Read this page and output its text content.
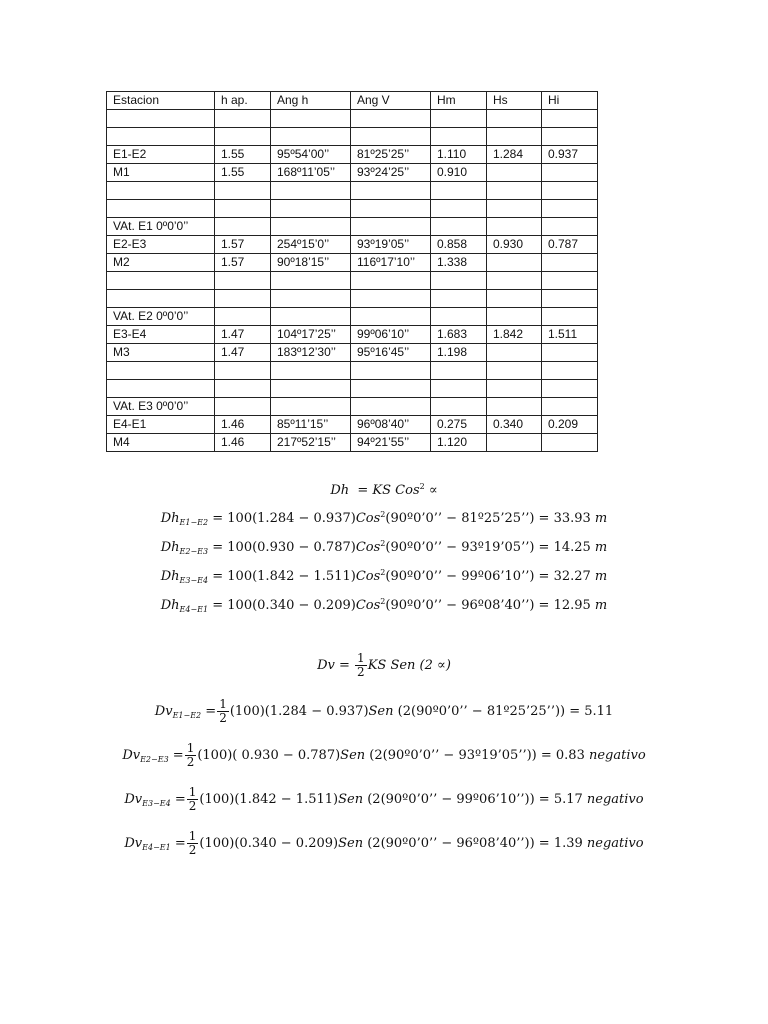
Estacion	h ap.	Ang h	Ang V	Hm	Hs	Hi

E1-E2	1.55	95º54’00’’	81º25’25’’	1.110	1.284	0.937
M1	1.55	168º11’05’’	93º24’25’’	0.910		

VAt. E1 0º0’0’’						
E2-E3	1.57	254º15’0’’	93º19’05’’	0.858	0.930	0.787
M2	1.57	90º18’15’’	116º17’10’’	1.338		

VAt. E2 0º0’0’’						
E3-E4	1.47	104º17’25’’	99º06’10’’	1.683	1.842	1.511
M3	1.47	183º12’30’’	95º16’45’’	1.198		

VAt. E3 0º0’0’’						
E4-E1	1.46	85º11’15’’	96º08’40’’	0.275	0.340	0.209
M4	1.46	217º52’15’’	94º21’55’’	1.120		
Dh = KS Cos$^2$ ∝
$Dh_{E1-E2} = 100(1.284$ − 0.937)Cos$^2$(90º0’0’’ − 81º25’25’’) = 33.93 m
$Dh_{E2-E3} = 100(0.930$ − 0.787)Cos$^2$(90º0’0’’ − 93º19’05’’) = 14.25 m
$Dh_{E3-E4} = 100(1.842$ − 1.511)Cos$^2$(90º0’0’’ − 99º06’10’’) = 32.27 m
$Dh_{E4-E1} = 100(0.340$ − 0.209)Cos$^2$(90º0’0’’ − 96º08’40’’) = 12.95 m
$Dv = \frac{1}{2}$ KS Sen (2 ∝)
$Dv_{E1-E2} = \frac{1}{2} (100)(1.284 - 0.937)Sen$ (2(90º0’0’’ − 81º25’25’’)) = 5.11
$Dv_{E2-E3} = \frac{1}{2} (100)$( 0.930 − 0.787)Sen (2(90º0’0’’ − 93º19’05’’)) = 0.83 negativo
$Dv_{E3-E4} = \frac{1}{2} (100)(1.842 - 1.511)Sen$ (2(90º0’0’’ − 99º06’10’’)) = 5.17 negativo
$Dv_{E4-E1} = \frac{1}{2} (100)(0.340 - 0.209)Sen$ (2(90º0’0’’ − 96º08’40’’)) = 1.39 negativo
